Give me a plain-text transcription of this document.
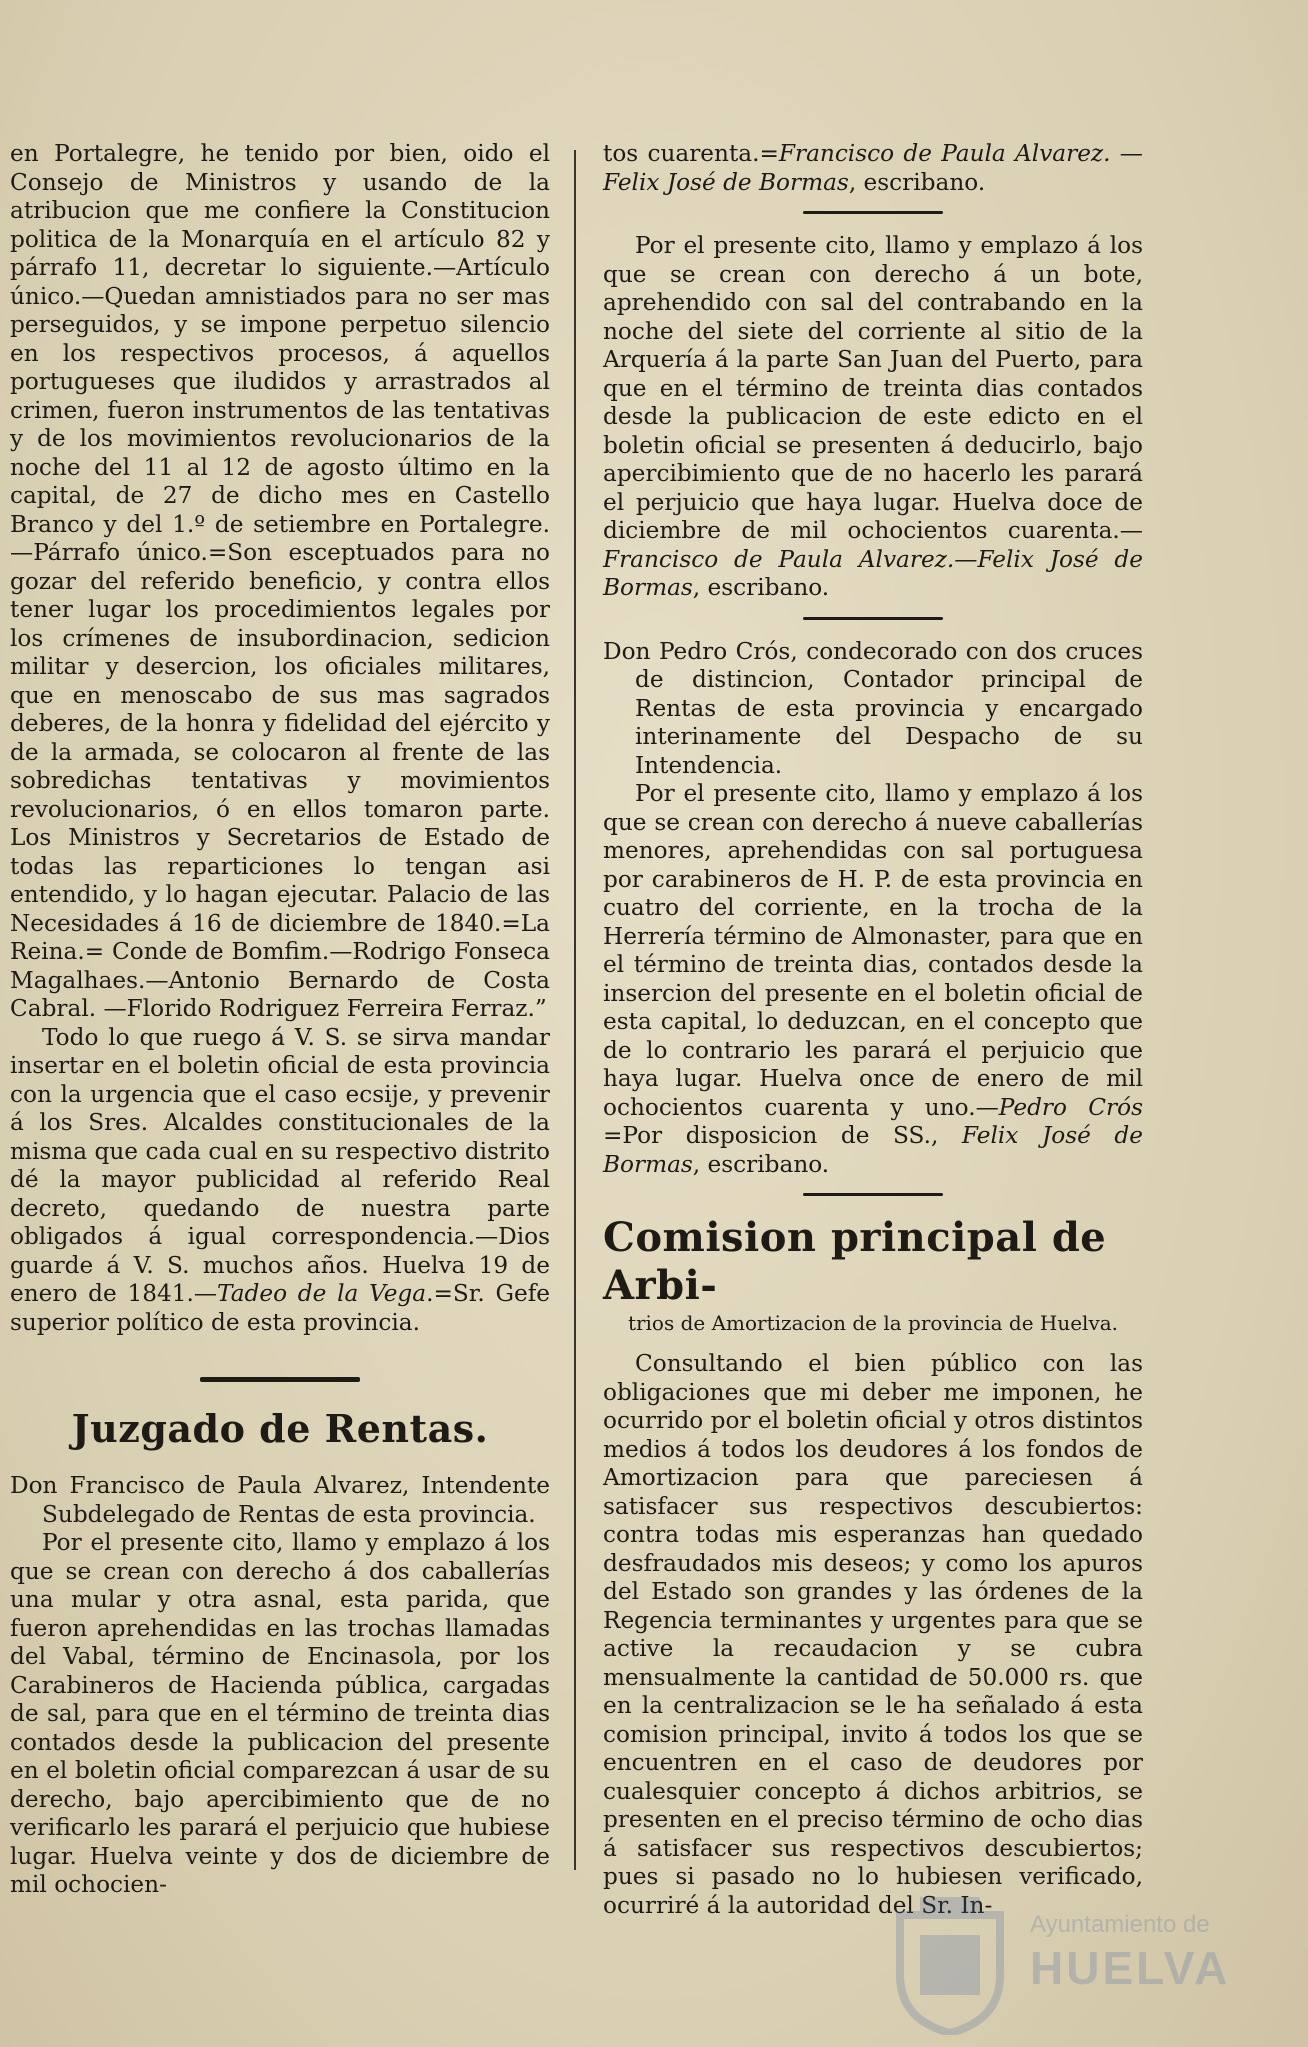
en Portalegre, he tenido por bien, oido el Consejo de Ministros y usando de la atribucion que me confiere la Constitucion politica de la Monarquía en el artículo 82 y párrafo 11, decretar lo siguiente.—Artículo único.—Quedan amnistiados para no ser mas perseguidos, y se impone perpetuo silencio en los respectivos procesos, á aquellos portugueses que iludidos y arrastrados al crimen, fueron instrumentos de las tentativas y de los movimientos revolucionarios de la noche del 11 al 12 de agosto último en la capital, de 27 de dicho mes en Castello Branco y del 1.º de setiembre en Portalegre.—Párrafo único.=Son esceptuados para no gozar del referido beneficio, y contra ellos tener lugar los procedimientos legales por los crímenes de insubordinacion, sedicion militar y desercion, los oficiales militares, que en menoscabo de sus mas sagrados deberes, de la honra y fidelidad del ejército y de la armada, se colocaron al frente de las sobredichas tentativas y movimientos revolucionarios, ó en ellos tomaron parte. Los Ministros y Secretarios de Estado de todas las reparticiones lo tengan asi entendido, y lo hagan ejecutar. Palacio de las Necesidades á 16 de diciembre de 1840.=La Reina.= Conde de Bomfim.—Rodrigo Fonseca Magalhaes.—Antonio Bernardo de Costa Cabral. —Florido Rodriguez Ferreira Ferraz.”

Todo lo que ruego á V. S. se sirva mandar insertar en el boletin oficial de esta provincia con la urgencia que el caso ecsije, y prevenir á los Sres. Alcaldes constitucionales de la misma que cada cual en su respectivo distrito dé la mayor publicidad al referido Real decreto, quedando de nuestra parte obligados á igual correspondencia.—Dios guarde á V. S. muchos años. Huelva 19 de enero de 1841.—Tadeo de la Vega.=Sr. Gefe superior político de esta provincia.

Juzgado de Rentas.

Don Francisco de Paula Alvarez, Intendente Subdelegado de Rentas de esta provincia.

Por el presente cito, llamo y emplazo á los que se crean con derecho á dos caballerías una mular y otra asnal, esta parida, que fueron aprehendidas en las trochas llamadas del Vabal, término de Encinasola, por los Carabineros de Hacienda pública, cargadas de sal, para que en el término de treinta dias contados desde la publicacion del presente en el boletin oficial comparezcan á usar de su derecho, bajo apercibimiento que de no verificarlo les parará el perjuicio que hubiese lugar. Huelva veinte y dos de diciembre de mil ochocien-

tos cuarenta.=Francisco de Paula Alvarez. —Felix José de Bormas, escribano.

Por el presente cito, llamo y emplazo á los que se crean con derecho á un bote, aprehendido con sal del contrabando en la noche del siete del corriente al sitio de la Arquería á la parte San Juan del Puerto, para que en el término de treinta dias contados desde la publicacion de este edicto en el boletin oficial se presenten á deducirlo, bajo apercibimiento que de no hacerlo les parará el perjuicio que haya lugar. Huelva doce de diciembre de mil ochocientos cuarenta.—Francisco de Paula Alvarez.—Felix José de Bormas, escribano.

Don Pedro Crós, condecorado con dos cruces de distincion, Contador principal de Rentas de esta provincia y encargado interinamente del Despacho de su Intendencia.

Por el presente cito, llamo y emplazo á los que se crean con derecho á nueve caballerías menores, aprehendidas con sal portuguesa por carabineros de H. P. de esta provincia en cuatro del corriente, en la trocha de la Herrería término de Almonaster, para que en el término de treinta dias, contados desde la insercion del presente en el boletin oficial de esta capital, lo deduzcan, en el concepto que de lo contrario les parará el perjuicio que haya lugar. Huelva once de enero de mil ochocientos cuarenta y uno.—Pedro Crós =Por disposicion de SS., Felix José de Bormas, escribano.

Comision principal de Arbi-
trios de Amortizacion de la provincia de Huelva.

Consultando el bien público con las obligaciones que mi deber me imponen, he ocurrido por el boletin oficial y otros distintos medios á todos los deudores á los fondos de Amortizacion para que pareciesen á satisfacer sus respectivos descubiertos: contra todas mis esperanzas han quedado desfraudados mis deseos; y como los apuros del Estado son grandes y las órdenes de la Regencia terminantes y urgentes para que se active la recaudacion y se cubra mensualmente la cantidad de 50.000 rs. que en la centralizacion se le ha señalado á esta comision principal, invito á todos los que se encuentren en el caso de deudores por cualesquier concepto á dichos arbitrios, se presenten en el preciso término de ocho dias á satisfacer sus respectivos descubiertos; pues si pasado no lo hubiesen verificado, ocurriré á la autoridad del Sr. In-

Ayuntamiento de
HUELVA
